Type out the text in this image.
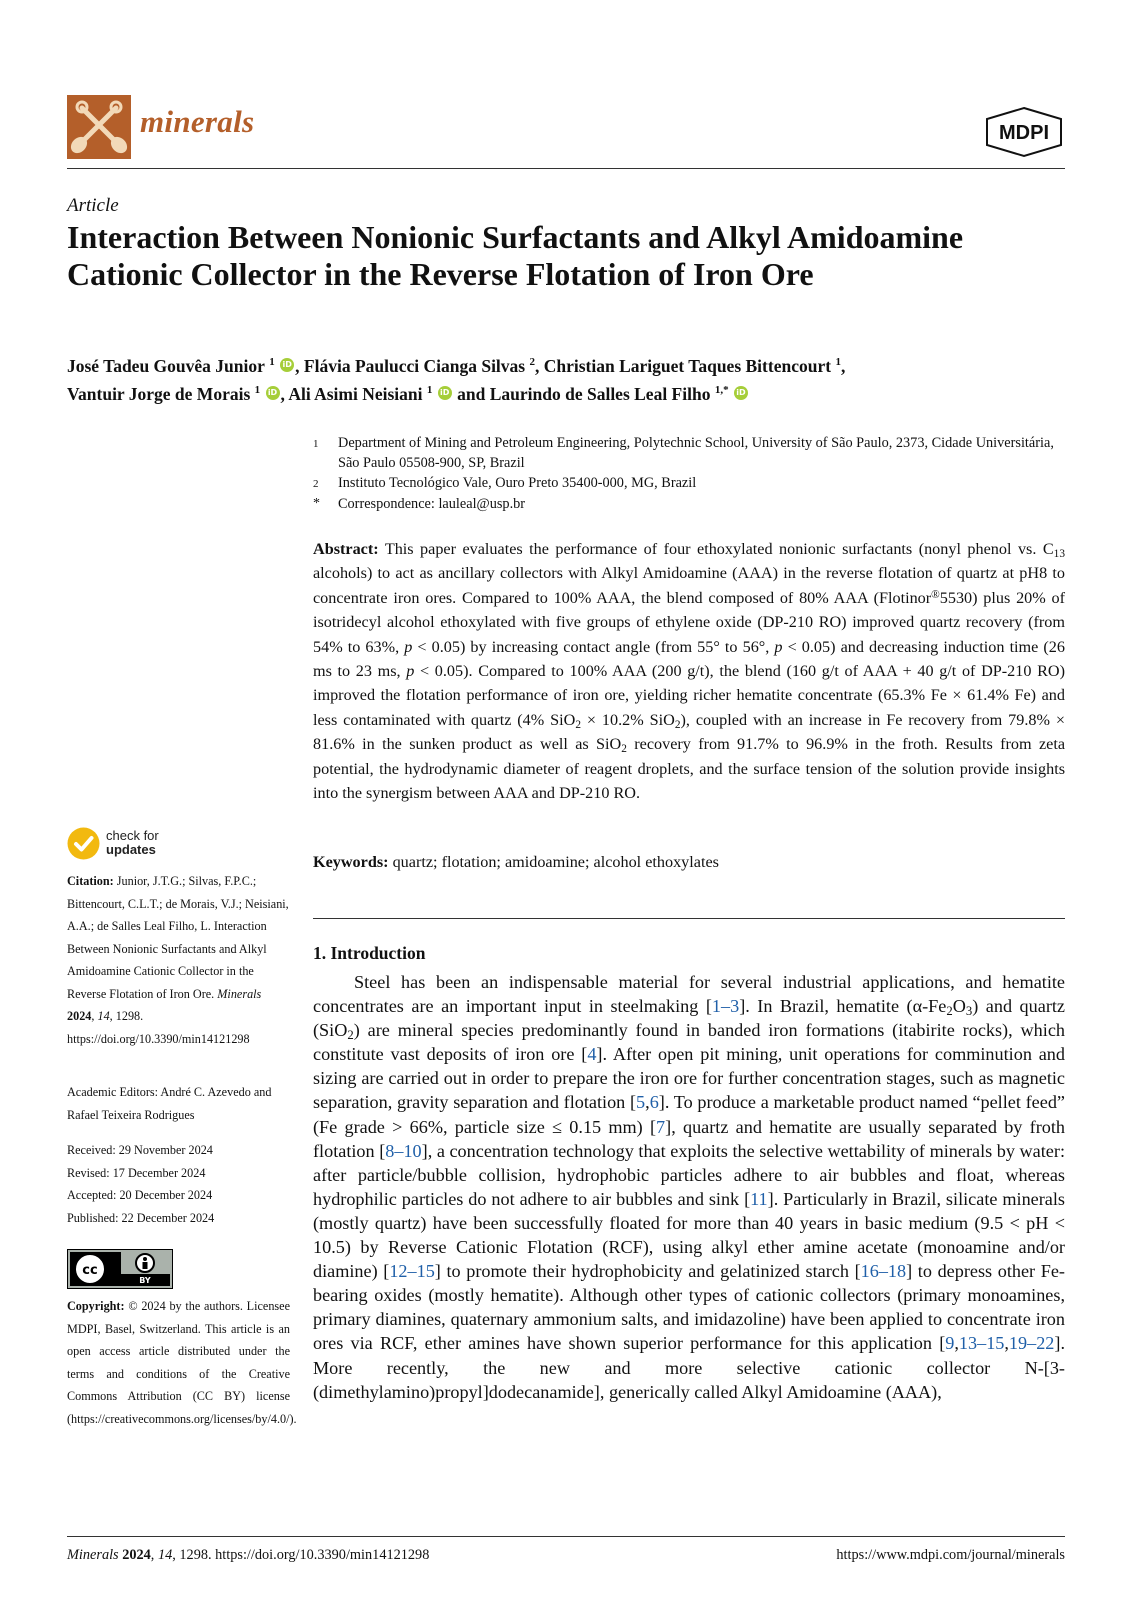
minerals	MDPI
Article
Interaction Between Nonionic Surfactants and Alkyl Amidoamine Cationic Collector in the Reverse Flotation of Iron Ore
José Tadeu Gouvêa Junior $^1$ iD , Flávia Paulucci Cianga Silvas $^2$, Christian Lariguet Taques Bittencourt $^1$,
Vantuir Jorge de Morais $^1$ iD , Ali Asimi Neisiani $^1$ iD and Laurindo de Salles Leal Filho $^{1,*}$ iD
1	Department of Mining and Petroleum Engineering, Polytechnic School, University of São Paulo, 2373, Cidade Universitária, São Paulo 05508-900, SP, Brazil
2	Instituto Tecnológico Vale, Ouro Preto 35400-000, MG, Brazil
*	Correspondence: lauleal@usp.br

Abstract: This paper evaluates the performance of four ethoxylated nonionic surfactants (nonyl phenol vs. $C_{13}$ alcohols) to act as ancillary collectors with Alkyl Amidoamine (AAA) in the reverse flotation of quartz at pH8 to concentrate iron ores. Compared to 100% AAA, the blend composed of 80% AAA (Flotinor®5530) plus 20% of isotridecyl alcohol ethoxylated with five groups of ethylene oxide (DP-210 RO) improved quartz recovery (from 54% to 63%, p < 0.05) by increasing contact angle (from 55° to 56°, p < 0.05) and decreasing induction time (26 ms to 23 ms, p < 0.05). Compared to 100% AAA (200 g/t), the blend (160 g/t of AAA + 40 g/t of DP-210 RO) improved the flotation performance of iron ore, yielding richer hematite concentrate (65.3% Fe × 61.4% Fe) and less contaminated with quartz (4% SiO$_2$ × 10.2% SiO$_2$), coupled with an increase in Fe recovery from 79.8% × 81.6% in the sunken product as well as SiO$_2$ recovery from 91.7% to 96.9% in the froth. Results from zeta potential, the hydrodynamic diameter of reagent droplets, and the surface tension of the solution provide insights into the synergism between AAA and DP-210 RO.

Keywords: quartz; flotation; amidoamine; alcohol ethoxylates

1. Introduction

Steel has been an indispensable material for several industrial applications, and hematite concentrates are an important input in steelmaking [1–3]. In Brazil, hematite $(\alpha-Fe_2O_3)$ and quartz (SiO$_2$) are mineral species predominantly found in banded iron formations (itabirite rocks), which constitute vast deposits of iron ore [4]. After open pit mining, unit operations for comminution and sizing are carried out in order to prepare the iron ore for further concentration stages, such as magnetic separation, gravity separation and flotation [5,6]. To produce a marketable product named “pellet feed” (Fe grade > 66%, particle size ≤ 0.15 mm) [7], quartz and hematite are usually separated by froth flotation [8–10], a concentration technology that exploits the selective wettability of minerals by water: after particle/bubble collision, hydrophobic particles adhere to air bubbles and float, whereas hydrophilic particles do not adhere to air bubbles and sink [11]. Particularly in Brazil, silicate minerals (mostly quartz) have been successfully floated for more than 40 years in basic medium (9.5 < pH < 10.5) by Reverse Cationic Flotation (RCF), using alkyl ether amine acetate (monoamine and/or diamine) [12–15] to promote their hydrophobicity and gelatinized starch [16–18] to depress other Fe-bearing oxides (mostly hematite). Although other types of cationic collectors (primary monoamines, primary diamines, quaternary ammonium salts, and imidazoline) have been applied to concentrate iron ores via RCF, ether amines have shown superior performance for this application [9,13–15,19–22]. More recently, the new and more selective cationic collector N-[3-(dimethylamino)propyl]dodecanamide], generically called Alkyl Amidoamine (AAA),

check for
updates
Citation: Junior, J.T.G.; Silvas, F.P.C.; Bittencourt, C.L.T.; de Morais, V.J.; Neisiani, A.A.; de Salles Leal Filho, L. Interaction Between Nonionic Surfactants and Alkyl Amidoamine Cationic Collector in the Reverse Flotation of Iron Ore. Minerals 2024, 14, 1298. https://doi.org/10.3390/min14121298
Academic Editors: André C. Azevedo and Rafael Teixeira Rodrigues
Received: 29 November 2024
Revised: 17 December 2024
Accepted: 20 December 2024
Published: 22 December 2024
cc
BY
Copyright: © 2024 by the authors. Licensee MDPI, Basel, Switzerland. This article is an open access article distributed under the terms and conditions of the Creative Commons Attribution (CC BY) license (https://creativecommons.org/licenses/by/4.0/).
Minerals 2024, 14, 1298. https://doi.org/10.3390/min14121298	https://www.mdpi.com/journal/minerals
